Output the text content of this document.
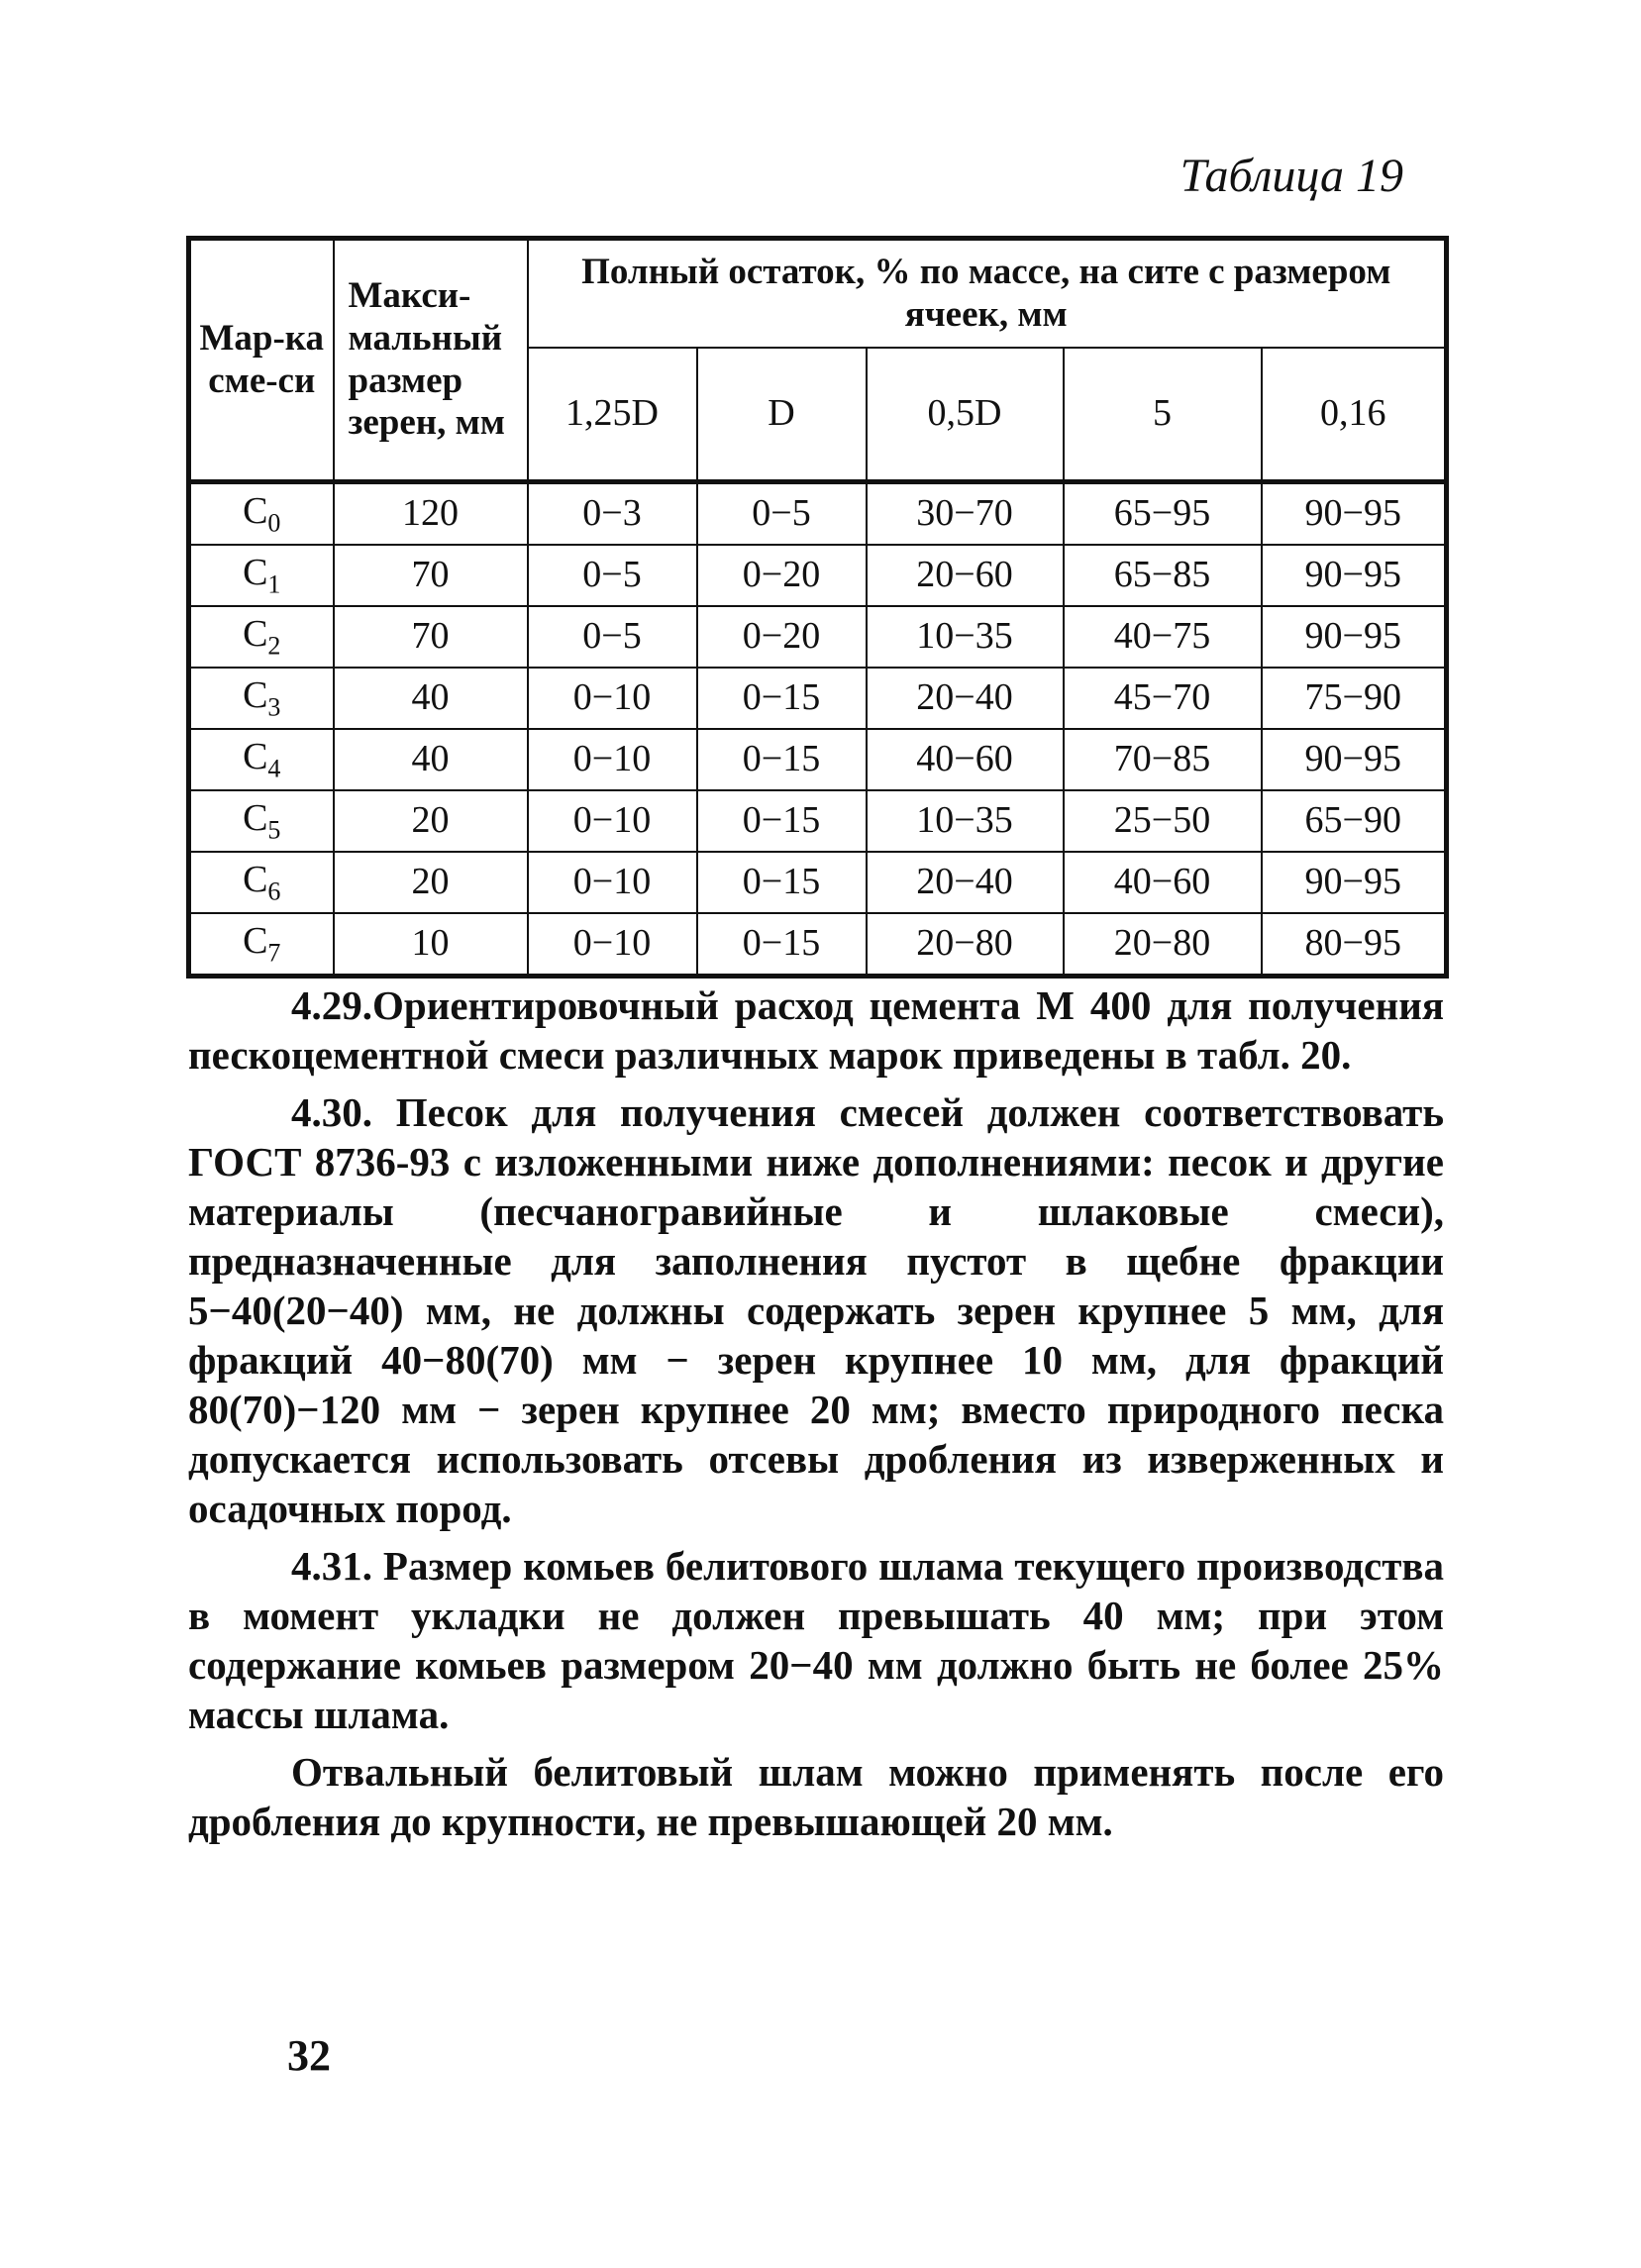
Таблица 19
Мар-ка сме-си	Макси-мальный размер зерен, мм	Полный остаток, % по массе, на сите с размером ячеек, мм				
		1,25D	D	0,5D	5	0,16
$C_0$	120	0−3	0−5	30−70	65−95	90−95
$C_1$	70	0−5	0−20	20−60	65−85	90−95
$C_2$	70	0−5	0−20	10−35	40−75	90−95
$C_3$	40	0−10	0−15	20−40	45−70	75−90
$C_4$	40	0−10	0−15	40−60	70−85	90−95
$C_5$	20	0−10	0−15	10−35	25−50	65−90
$C_6$	20	0−10	0−15	20−40	40−60	90−95
$C_7$	10	0−10	0−15	20−80	20−80	80−95

4.29.Ориентировочный расход цемента М 400 для получения пескоцементной смеси различных марок приведены в табл. 20.

4.30. Песок для получения смесей должен соответствовать ГОСТ 8736-93 с изложенными ниже дополнениями: песок и другие материалы (песчаногравийные и шлаковые смеси), предназначенные для заполнения пустот в щебне фракции 5−40(20−40) мм, не должны содержать зерен крупнее 5 мм, для фракций 40−80(70) мм − зерен крупнее 10 мм, для фракций 80(70)−120 мм − зерен крупнее 20 мм; вместо природного песка допускается использовать отсевы дробления из изверженных и осадочных пород.

4.31. Размер комьев белитового шлама текущего производства в момент укладки не должен превышать 40 мм; при этом содержание комьев размером 20−40 мм должно быть не более 25% массы шлама.

Отвальный белитовый шлам можно применять после его дробления до крупности, не превышающей 20 мм.

32
